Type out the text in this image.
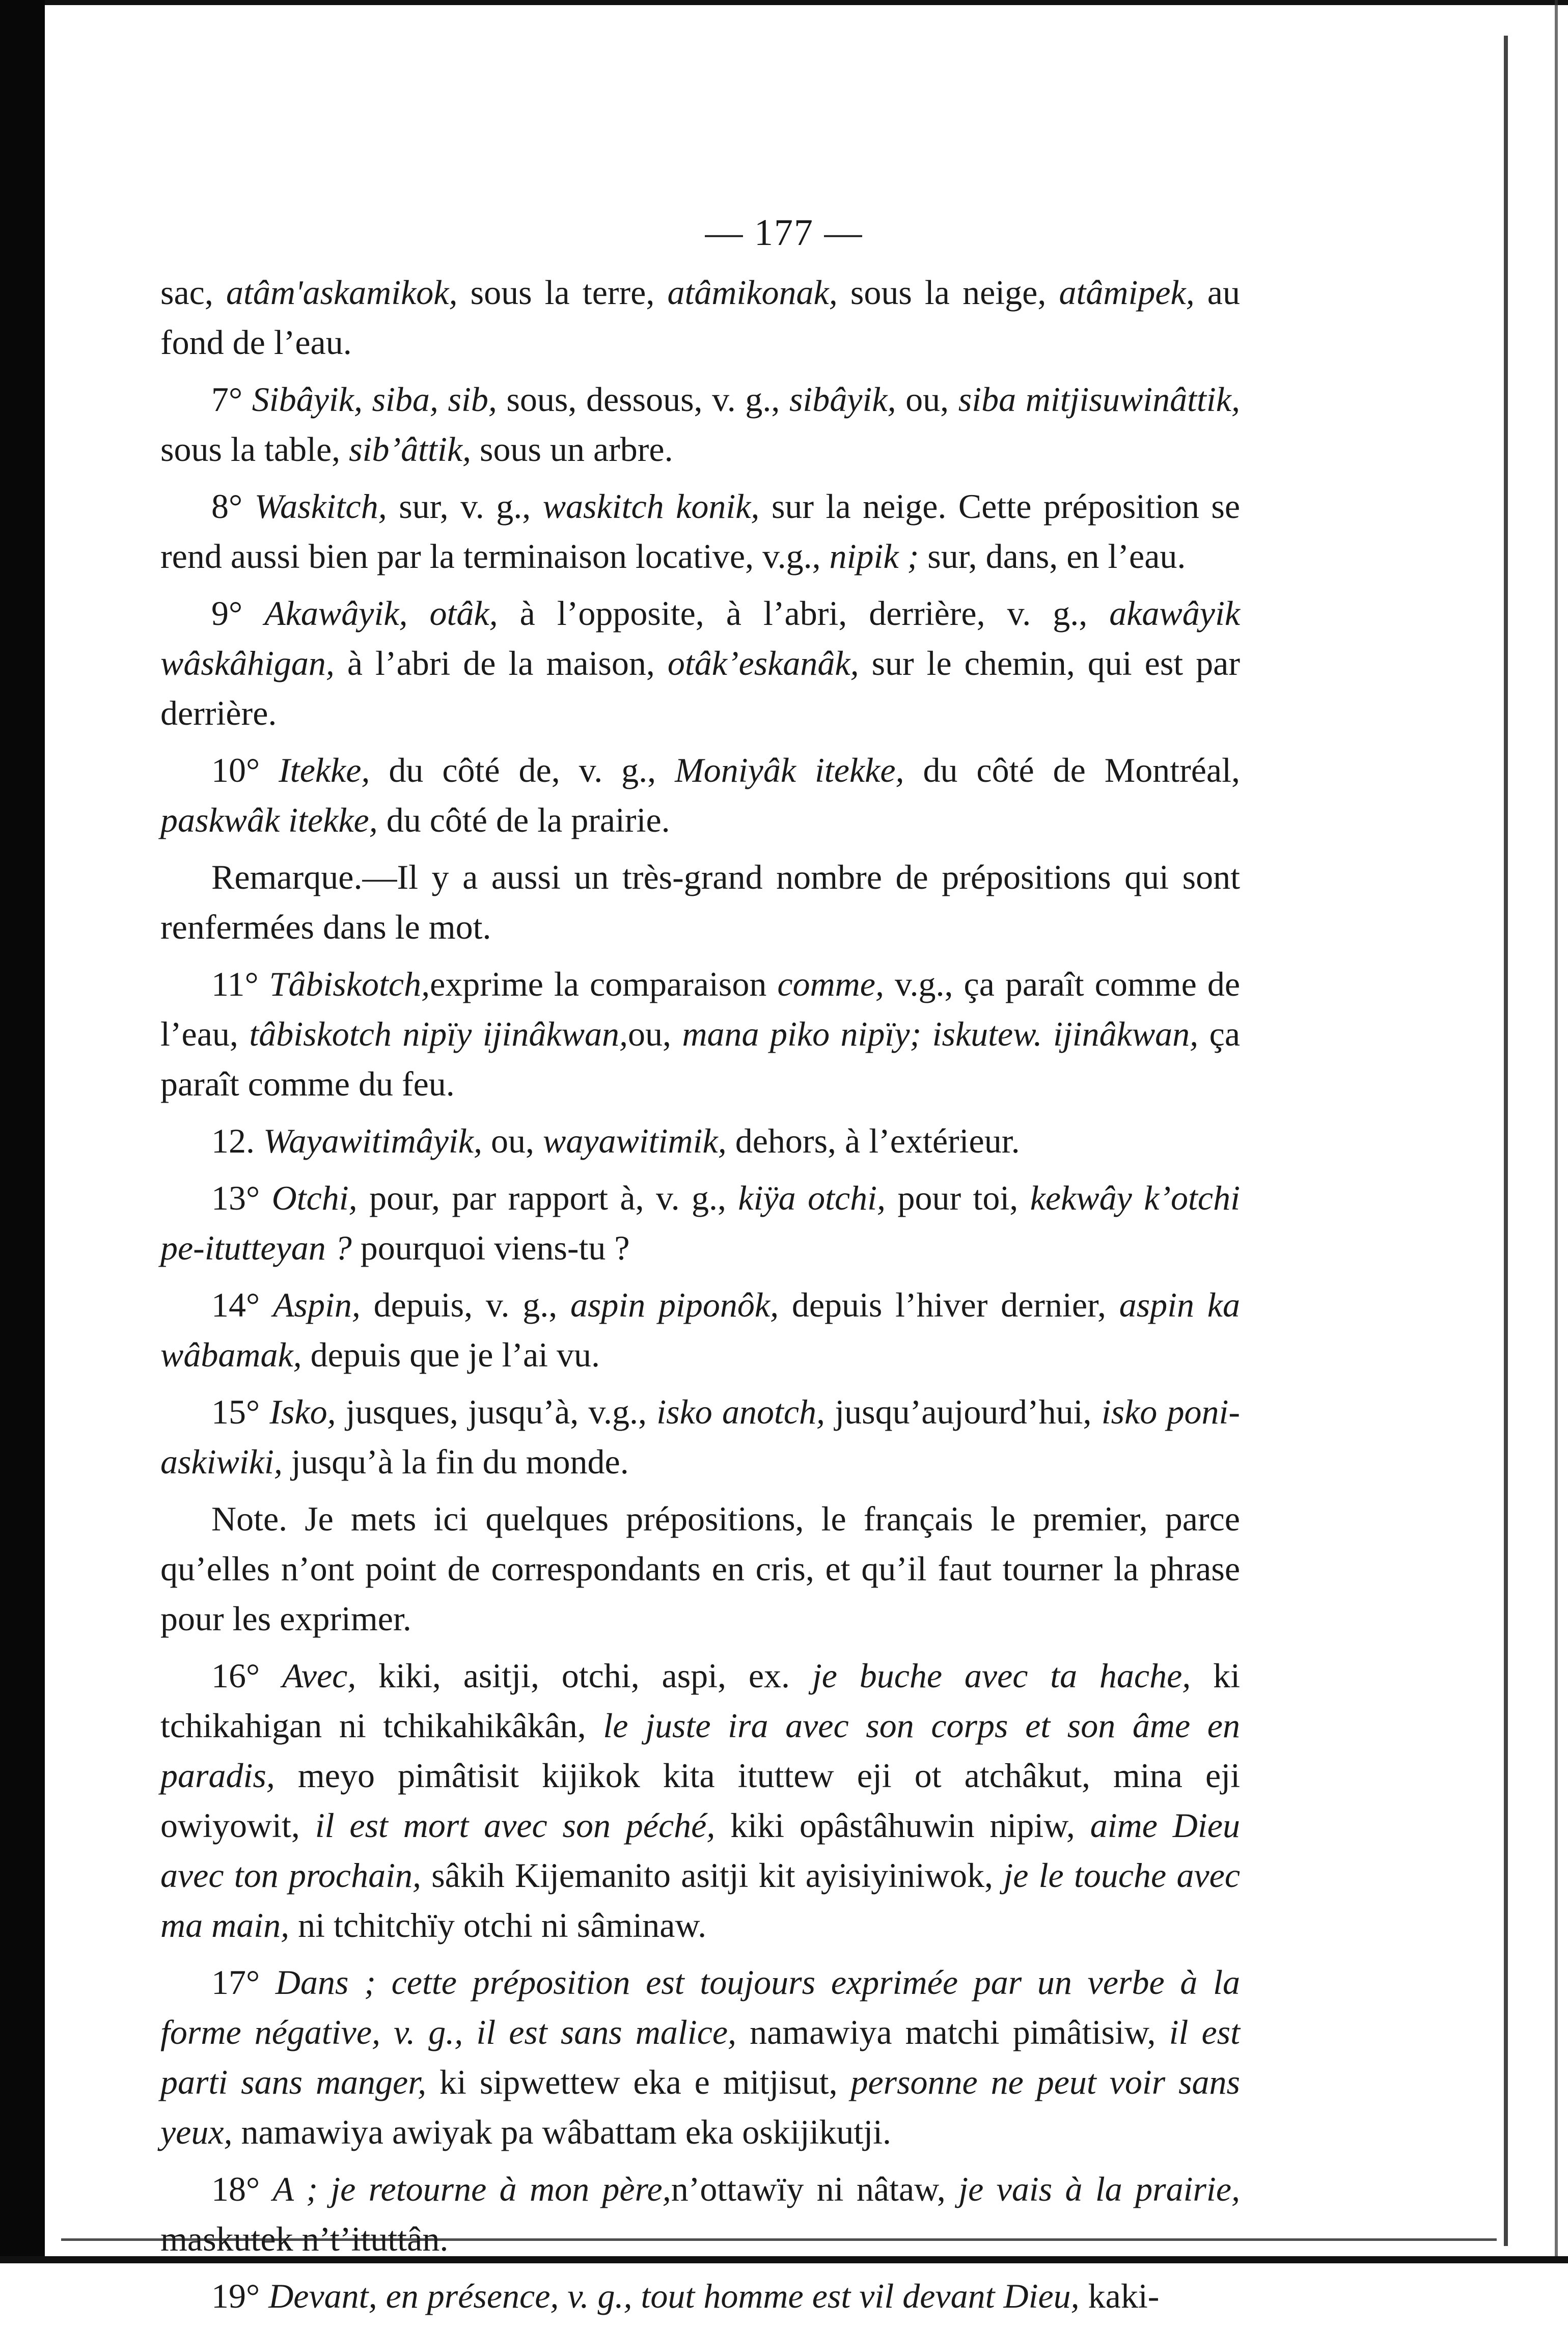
— 177 —

sac, atâm'askamikok, sous la terre, atâmikonak, sous la neige, atâmipek, au fond de l’eau.

7° Sibâyik, siba, sib, sous, dessous, v. g., sibâyik, ou, siba mitjisuwinâttik, sous la table, sib’âttik, sous un arbre.

8° Waskitch, sur, v. g., waskitch konik, sur la neige. Cette préposition se rend aussi bien par la terminaison locative, v.g., nipik ; sur, dans, en l’eau.

9° Akawâyik, otâk, à l’opposite, à l’abri, derrière, v. g., akawâyik wâskâhigan, à l’abri de la maison, otâk’eskanâk, sur le chemin, qui est par derrière.

10° Itekke, du côté de, v. g., Moniyâk itekke, du côté de Montréal, paskwâk itekke, du côté de la prairie.

Remarque.—Il y a aussi un très-grand nombre de prépositions qui sont renfermées dans le mot.

11° Tâbiskotch,exprime la comparaison comme, v.g., ça paraît comme de l’eau, tâbiskotch nipïy ijinâkwan,ou, mana piko nipïy; iskutew. ijinâkwan, ça paraît comme du feu.

12. Wayawitimâyik, ou, wayawitimik, dehors, à l’extérieur.

13° Otchi, pour, par rapport à, v. g., kiÿa otchi, pour toi, kekwây k’otchi pe-itutteyan ? pourquoi viens-tu ?

14° Aspin, depuis, v. g., aspin piponôk, depuis l’hiver dernier, aspin ka wâbamak, depuis que je l’ai vu.

15° Isko, jusques, jusqu’à, v.g., isko anotch, jusqu’aujourd’hui, isko poni-askiwiki, jusqu’à la fin du monde.

Note. Je mets ici quelques prépositions, le français le premier, parce qu’elles n’ont point de correspondants en cris, et qu’il faut tourner la phrase pour les exprimer.

16° Avec, kiki, asitji, otchi, aspi, ex. je buche avec ta hache, ki tchikahigan ni tchikahikâkân, le juste ira avec son corps et son âme en paradis, meyo pimâtisit kijikok kita ituttew eji ot atchâkut, mina eji owiyowit, il est mort avec son péché, kiki opâstâhuwin nipiw, aime Dieu avec ton prochain, sâkih Kijemanito asitji kit ayisiyiniwok, je le touche avec ma main, ni tchitchïy otchi ni sâminaw.

17° Dans ; cette préposition est toujours exprimée par un verbe à la forme négative, v. g., il est sans malice, namawiya matchi pimâtisiw, il est parti sans manger, ki sipwettew eka e mitjisut, personne ne peut voir sans yeux, namawiya awiyak pa wâbattam eka oskijikutji.

18° A ; je retourne à mon père,n’ottawïy ni nâtaw, je vais à la prairie, maskutek n’t’ituttân.

19° Devant, en présence, v. g., tout homme est vil devant Dieu, kaki-
